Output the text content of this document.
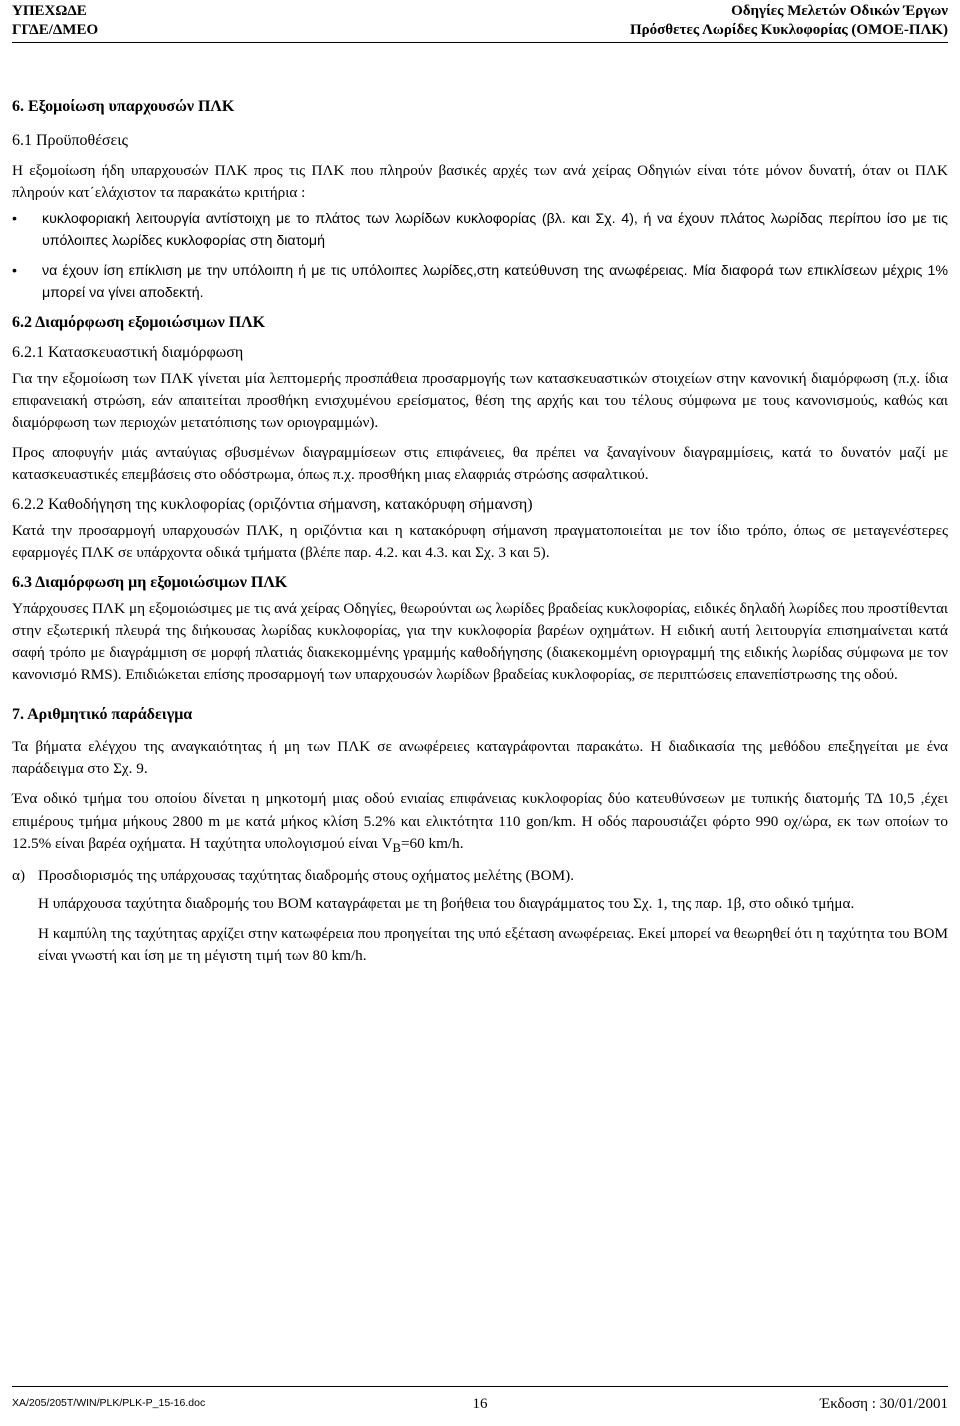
ΥΠΕΧΩΔΕ
ΓΓΔΕ/ΔΜΕΟ
Οδηγίες Μελετών Οδικών Έργων
Πρόσθετες Λωρίδες Κυκλοφορίας (ΟΜΟΕ-ΠΛΚ)
6. Εξομοίωση υπαρχουσών ΠΛΚ
6.1 Προϋποθέσεις

Η εξομοίωση ήδη υπαρχουσών ΠΛΚ προς τις ΠΛΚ που πληρούν βασικές αρχές των ανά χείρας Οδηγιών είναι τότε μόνον δυνατή, όταν οι ΠΛΚ πληρούν κατ΄ελάχιστον τα παρακάτω κριτήρια :

• κυκλοφοριακή λειτουργία αντίστοιχη με το πλάτος των λωρίδων κυκλοφορίας (βλ. και Σχ. 4), ή να έχουν πλάτος λωρίδας περίπου ίσο με τις υπόλοιπες λωρίδες κυκλοφορίας στη διατομή
• να έχουν ίση επίκλιση με την υπόλοιπη ή με τις υπόλοιπες λωρίδες,στη κατεύθυνση της ανωφέρειας. Μία διαφορά των επικλίσεων μέχρις 1% μπορεί να γίνει αποδεκτή.
6.2 Διαμόρφωση εξομοιώσιμων ΠΛΚ
6.2.1 Κατασκευαστική διαμόρφωση

Για την εξομοίωση των ΠΛΚ γίνεται μία λεπτομερής προσπάθεια προσαρμογής των κατασκευαστικών στοιχείων στην κανονική διαμόρφωση (π.χ. ίδια επιφανειακή στρώση, εάν απαιτείται προσθήκη ενισχυμένου ερείσματος, θέση της αρχής και του τέλους σύμφωνα με τους κανονισμούς, καθώς και διαμόρφωση των περιοχών μετατόπισης των οριογραμμών).

Προς αποφυγήν μιάς ανταύγιας σβυσμένων διαγραμμίσεων στις επιφάνειες, θα πρέπει να ξαναγίνουν διαγραμμίσεις, κατά το δυνατόν μαζί με κατασκευαστικές επεμβάσεις στο οδόστρωμα, όπως π.χ. προσθήκη μιας ελαφριάς στρώσης ασφαλτικού.

6.2.2 Καθοδήγηση της κυκλοφορίας (οριζόντια σήμανση, κατακόρυφη σήμανση)

Κατά την προσαρμογή υπαρχουσών ΠΛΚ, η οριζόντια και η κατακόρυφη σήμανση πραγματοποιείται με τον ίδιο τρόπο, όπως σε μεταγενέστερες εφαρμογές ΠΛΚ σε υπάρχοντα οδικά τμήματα (βλέπε παρ. 4.2. και 4.3. και Σχ. 3 και 5).

6.3 Διαμόρφωση μη εξομοιώσιμων ΠΛΚ

Υπάρχουσες ΠΛΚ μη εξομοιώσιμες με τις ανά χείρας Οδηγίες, θεωρούνται ως λωρίδες βραδείας κυκλοφορίας, ειδικές δηλαδή λωρίδες που προστίθενται στην εξωτερική πλευρά της διήκουσας λωρίδας κυκλοφορίας, για την κυκλοφορία βαρέων οχημάτων. Η ειδική αυτή λειτουργία επισημαίνεται κατά σαφή τρόπο με διαγράμμιση σε μορφή πλατιάς διακεκομμένης γραμμής καθοδήγησης (διακεκομμένη οριογραμμή της ειδικής λωρίδας σύμφωνα με τον κανονισμό RMS). Επιδιώκεται επίσης προσαρμογή των υπαρχουσών λωρίδων βραδείας κυκλοφορίας, σε περιπτώσεις επανεπίστρωσης της οδού.

7. Αριθμητικό παράδειγμα

Τα βήματα ελέγχου της αναγκαιότητας ή μη των ΠΛΚ σε ανωφέρειες καταγράφονται παρακάτω. Η διαδικασία της μεθόδου επεξηγείται με ένα παράδειγμα στο Σχ. 9.

Ένα οδικό τμήμα του οποίου δίνεται η μηκοτομή μιας οδού ενιαίας επιφάνειας κυκλοφορίας δύο κατευθύνσεων με τυπικής διατομής ΤΔ 10,5 ,έχει επιμέρους τμήμα μήκους 2800 m με κατά μήκος κλίση 5.2% και ελικτότητα 110 gon/km. Η οδός παρουσιάζει φόρτο 990 οχ/ώρα, εκ των οποίων το 12.5% είναι βαρέα οχήματα. Η ταχύτητα υπολογισμού είναι $V_B=60$ km/h.

α) Προσδιορισμός της υπάρχουσας ταχύτητας διαδρομής στους οχήματος μελέτης (ΒΟΜ).

Η υπάρχουσα ταχύτητα διαδρομής του ΒΟΜ καταγράφεται με τη βοήθεια του διαγράμματος του Σχ. 1, της παρ. 1β, στο οδικό τμήμα.

Η καμπύλη της ταχύτητας αρχίζει στην κατωφέρεια που προηγείται της υπό εξέταση ανωφέρειας. Εκεί μπορεί να θεωρηθεί ότι η ταχύτητα του ΒΟΜ είναι γνωστή και ίση με τη μέγιστη τιμή των 80 km/h.

XA/205/205T/WIN/PLK/PLK-P_15-16.doc	16	Έκδοση : 30/01/2001
